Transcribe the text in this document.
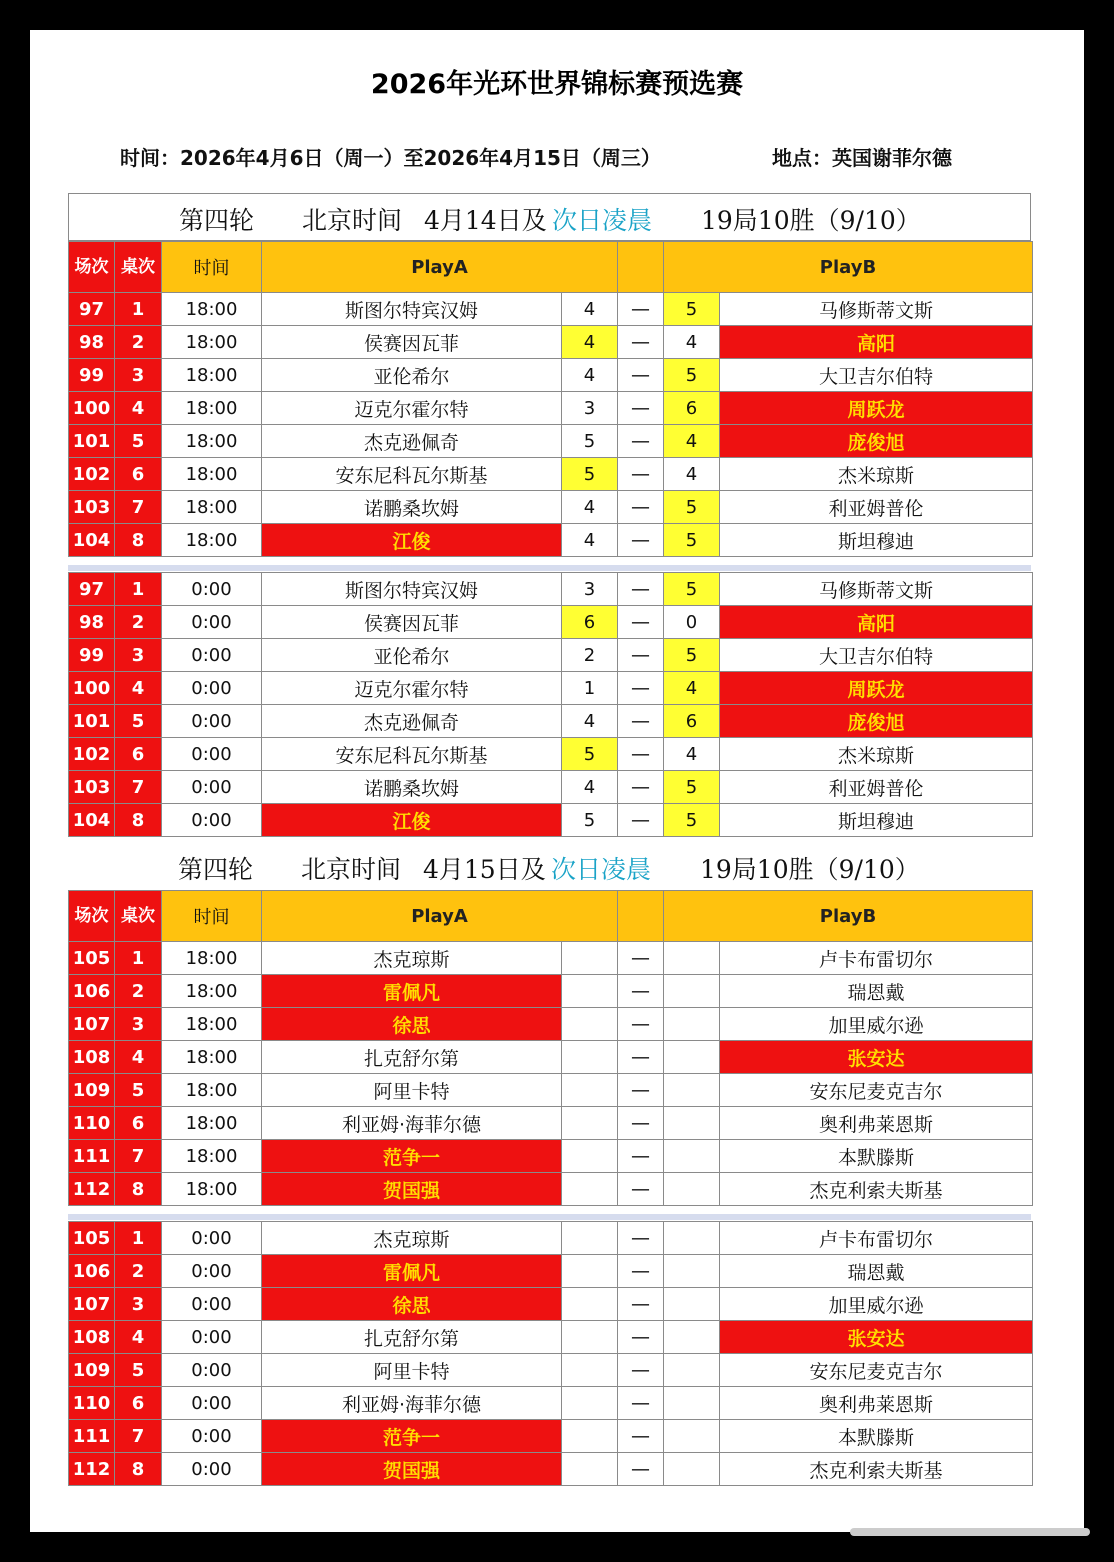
2026年光环世界锦标赛预选赛
时间：2026年4月6日（周一）至2026年4月15日（周三）	地点：英国谢菲尔德
第四轮 北京时间 4月14日及 次日凌晨 19局10胜（9/10）
第四轮 北京时间 4月15日及 次日凌晨 19局10胜（9/10）
场次	桌次	时间	PlayA			PlayB	
97	1	18:00	斯图尔特宾汉姆	4	—	5	马修斯蒂文斯
98	2	18:00	侯赛因瓦菲	4	—	4	高阳
99	3	18:00	亚伦希尔	4	—	5	大卫吉尔伯特
100	4	18:00	迈克尔霍尔特	3	—	6	周跃龙
101	5	18:00	杰克逊佩奇	5	—	4	庞俊旭
102	6	18:00	安东尼科瓦尔斯基	5	—	4	杰米琼斯
103	7	18:00	诺鹏桑坎姆	4	—	5	利亚姆普伦
104	8	18:00	江俊	4	—	5	斯坦穆迪
97	1	0:00	斯图尔特宾汉姆	3	—	5	马修斯蒂文斯
98	2	0:00	侯赛因瓦菲	6	—	0	高阳
99	3	0:00	亚伦希尔	2	—	5	大卫吉尔伯特
100	4	0:00	迈克尔霍尔特	1	—	4	周跃龙
101	5	0:00	杰克逊佩奇	4	—	6	庞俊旭
102	6	0:00	安东尼科瓦尔斯基	5	—	4	杰米琼斯
103	7	0:00	诺鹏桑坎姆	4	—	5	利亚姆普伦
104	8	0:00	江俊	5	—	5	斯坦穆迪
场次	桌次	时间	PlayA			PlayB	
105	1	18:00	杰克琼斯		—		卢卡布雷切尔
106	2	18:00	雷佩凡		—		瑞恩戴
107	3	18:00	徐思		—		加里威尔逊
108	4	18:00	扎克舒尔第		—		张安达
109	5	18:00	阿里卡特		—		安东尼麦克吉尔
110	6	18:00	利亚姆·海菲尔德		—		奥利弗莱恩斯
111	7	18:00	范争一		—		本默滕斯
112	8	18:00	贺国强		—		杰克利索夫斯基
105	1	0:00	杰克琼斯		—		卢卡布雷切尔
106	2	0:00	雷佩凡		—		瑞恩戴
107	3	0:00	徐思		—		加里威尔逊
108	4	0:00	扎克舒尔第		—		张安达
109	5	0:00	阿里卡特		—		安东尼麦克吉尔
110	6	0:00	利亚姆·海菲尔德		—		奥利弗莱恩斯
111	7	0:00	范争一		—		本默滕斯
112	8	0:00	贺国强		—		杰克利索夫斯基
